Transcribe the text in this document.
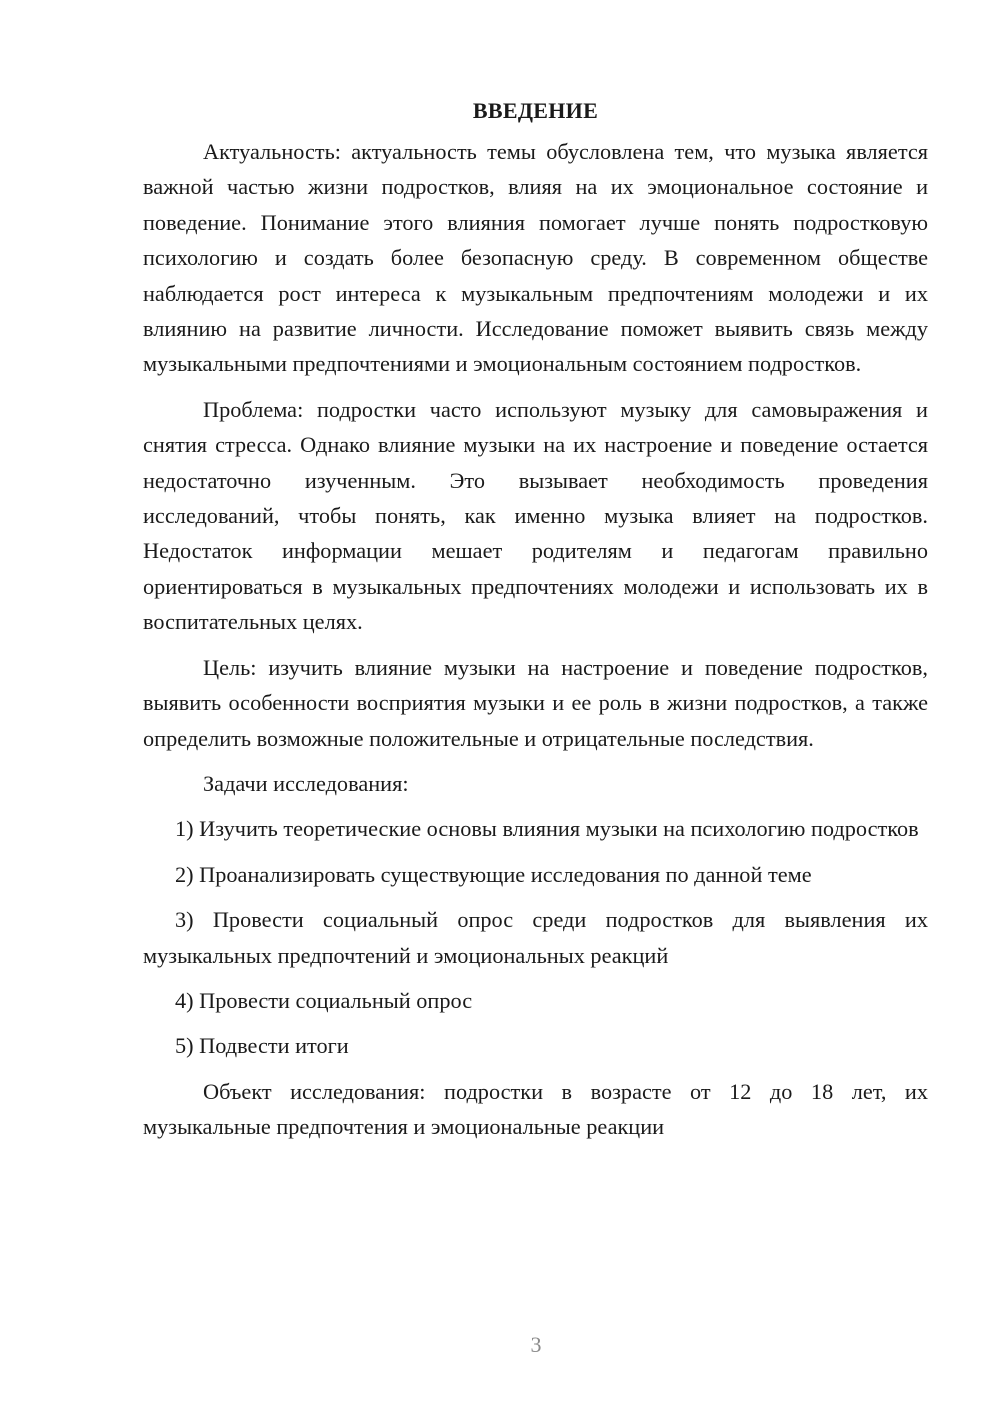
ВВЕДЕНИЕ

Актуальность: актуальность темы обусловлена тем, что музыка является важной частью жизни подростков, влияя на их эмоциональное состояние и поведение. Понимание этого влияния помогает лучше понять подростковую психологию и создать более безопасную среду. В современном обществе наблюдается рост интереса к музыкальным предпочтениям молодежи и их влиянию на развитие личности. Исследование поможет выявить связь между музыкальными предпочтениями и эмоциональным состоянием подростков.

Проблема: подростки часто используют музыку для самовыражения и снятия стресса. Однако влияние музыки на их настроение и поведение остается недостаточно изученным. Это вызывает необходимость проведения исследований, чтобы понять, как именно музыка влияет на подростков. Недостаток информации мешает родителям и педагогам правильно ориентироваться в музыкальных предпочтениях молодежи и использовать их в воспитательных целях.

Цель: изучить влияние музыки на настроение и поведение подростков, выявить особенности восприятия музыки и ее роль в жизни подростков, а также определить возможные положительные и отрицательные последствия.

Задачи исследования:

1) Изучить теоретические основы влияния музыки на психологию подростков

2) Проанализировать существующие исследования по данной теме

3) Провести социальный опрос среди подростков для выявления их музыкальных предпочтений и эмоциональных реакций

4) Провести социальный опрос

5) Подвести итоги

Объект исследования: подростки в возрасте от 12 до 18 лет, их музыкальные предпочтения и эмоциональные реакции

3
